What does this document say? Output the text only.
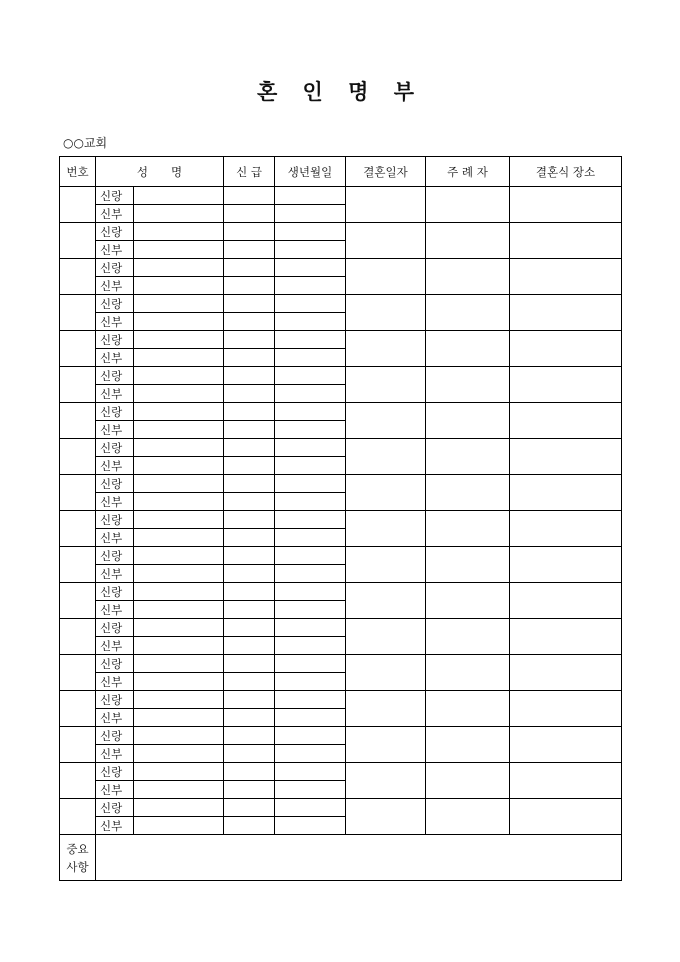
혼 인 명 부
○○교회
번호	성　　명		신 급	생년월일	결혼일자	주 례 자	결혼식 장소
	신랑						
	신부						
	신랑						
	신부						
	신랑						
	신부						
	신랑						
	신부						
	신랑						
	신부						
	신랑						
	신부						
	신랑						
	신부						
	신랑						
	신부						
	신랑						
	신부						
	신랑						
	신부						
	신랑						
	신부						
	신랑						
	신부						
	신랑						
	신부						
	신랑						
	신부						
	신랑						
	신부						
	신랑						
	신부						
	신랑						
	신부						
	신랑						
	신부						
중요
사항							
